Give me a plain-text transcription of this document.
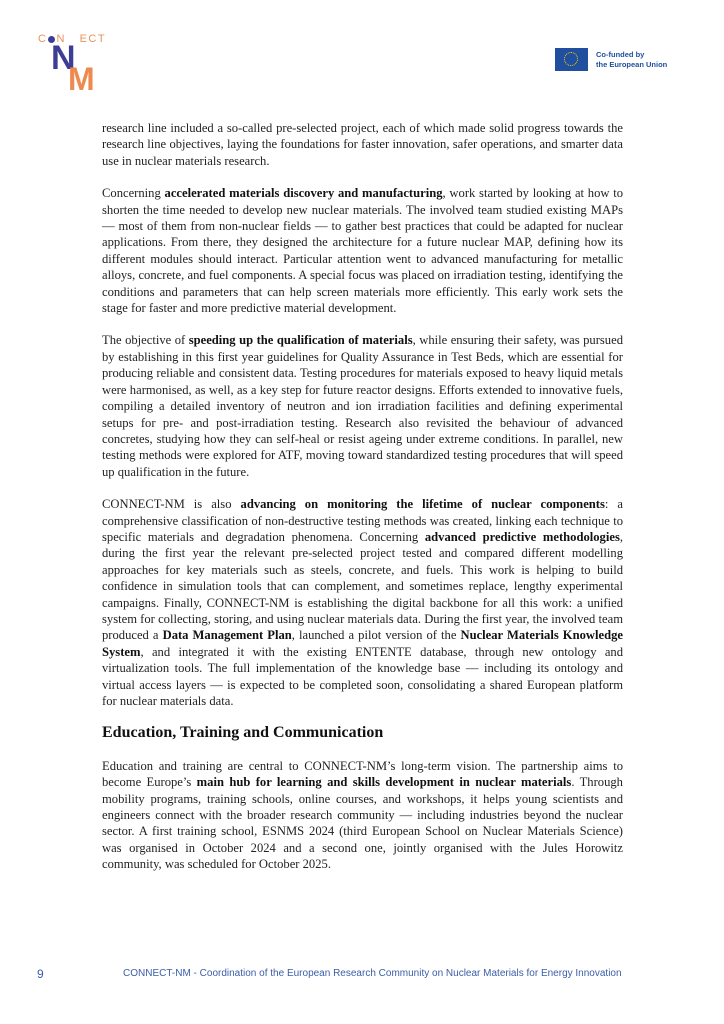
C N   ECT
N
M
Co-funded by
the European Union

research line included a so-called pre-selected project, each of which made solid progress towards the research line objectives, laying the foundations for faster innovation, safer operations, and smarter data use in nuclear materials research.

Concerning accelerated materials discovery and manufacturing, work started by looking at how to shorten the time needed to develop new nuclear materials. The involved team studied existing MAPs — most of them from non-nuclear fields — to gather best practices that could be adapted for nuclear applications. From there, they designed the architecture for a future nuclear MAP, defining how its different modules should interact. Particular attention went to advanced manufacturing for metallic alloys, concrete, and fuel components. A special focus was placed on irradiation testing, identifying the conditions and parameters that can help screen materials more efficiently. This early work sets the stage for faster and more predictive material development.

The objective of speeding up the qualification of materials, while ensuring their safety, was pursued by establishing in this first year guidelines for Quality Assurance in Test Beds, which are essential for producing reliable and consistent data. Testing procedures for materials exposed to heavy liquid metals were harmonised, as well, as a key step for future reactor designs. Efforts extended to innovative fuels, compiling a detailed inventory of neutron and ion irradiation facilities and defining experimental setups for pre- and post-irradiation testing. Research also revisited the behaviour of advanced concretes, studying how they can self-heal or resist ageing under extreme conditions. In parallel, new testing methods were explored for ATF, moving toward standardized testing procedures that will speed up qualification in the future.

CONNECT-NM is also advancing on monitoring the lifetime of nuclear components: a comprehensive classification of non-destructive testing methods was created, linking each technique to specific materials and degradation phenomena. Concerning advanced predictive methodologies, during the first year the relevant pre-selected project tested and compared different modelling approaches for key materials such as steels, concrete, and fuels. This work is helping to build confidence in simulation tools that can complement, and sometimes replace, lengthy experimental campaigns. Finally, CONNECT-NM is establishing the digital backbone for all this work: a unified system for collecting, storing, and using nuclear materials data. During the first year, the involved team produced a Data Management Plan, launched a pilot version of the Nuclear Materials Knowledge System, and integrated it with the existing ENTENTE database, through new ontology and virtualization tools. The full implementation of the knowledge base — including its ontology and virtual access layers — is expected to be completed soon, consolidating a shared European platform for nuclear materials data.

Education, Training and Communication

Education and training are central to CONNECT-NM’s long-term vision. The partnership aims to become Europe’s main hub for learning and skills development in nuclear materials. Through mobility programs, training schools, online courses, and workshops, it helps young scientists and engineers connect with the broader research community — including industries beyond the nuclear sector. A first training school, ESNMS 2024 (third European School on Nuclear Materials Science) was organised in October 2024 and a second one, jointly organised with the Jules Horowitz community, was scheduled for October 2025.

9	CONNECT-NM - Coordination of the European Research Community on Nuclear Materials for Energy Innovation
